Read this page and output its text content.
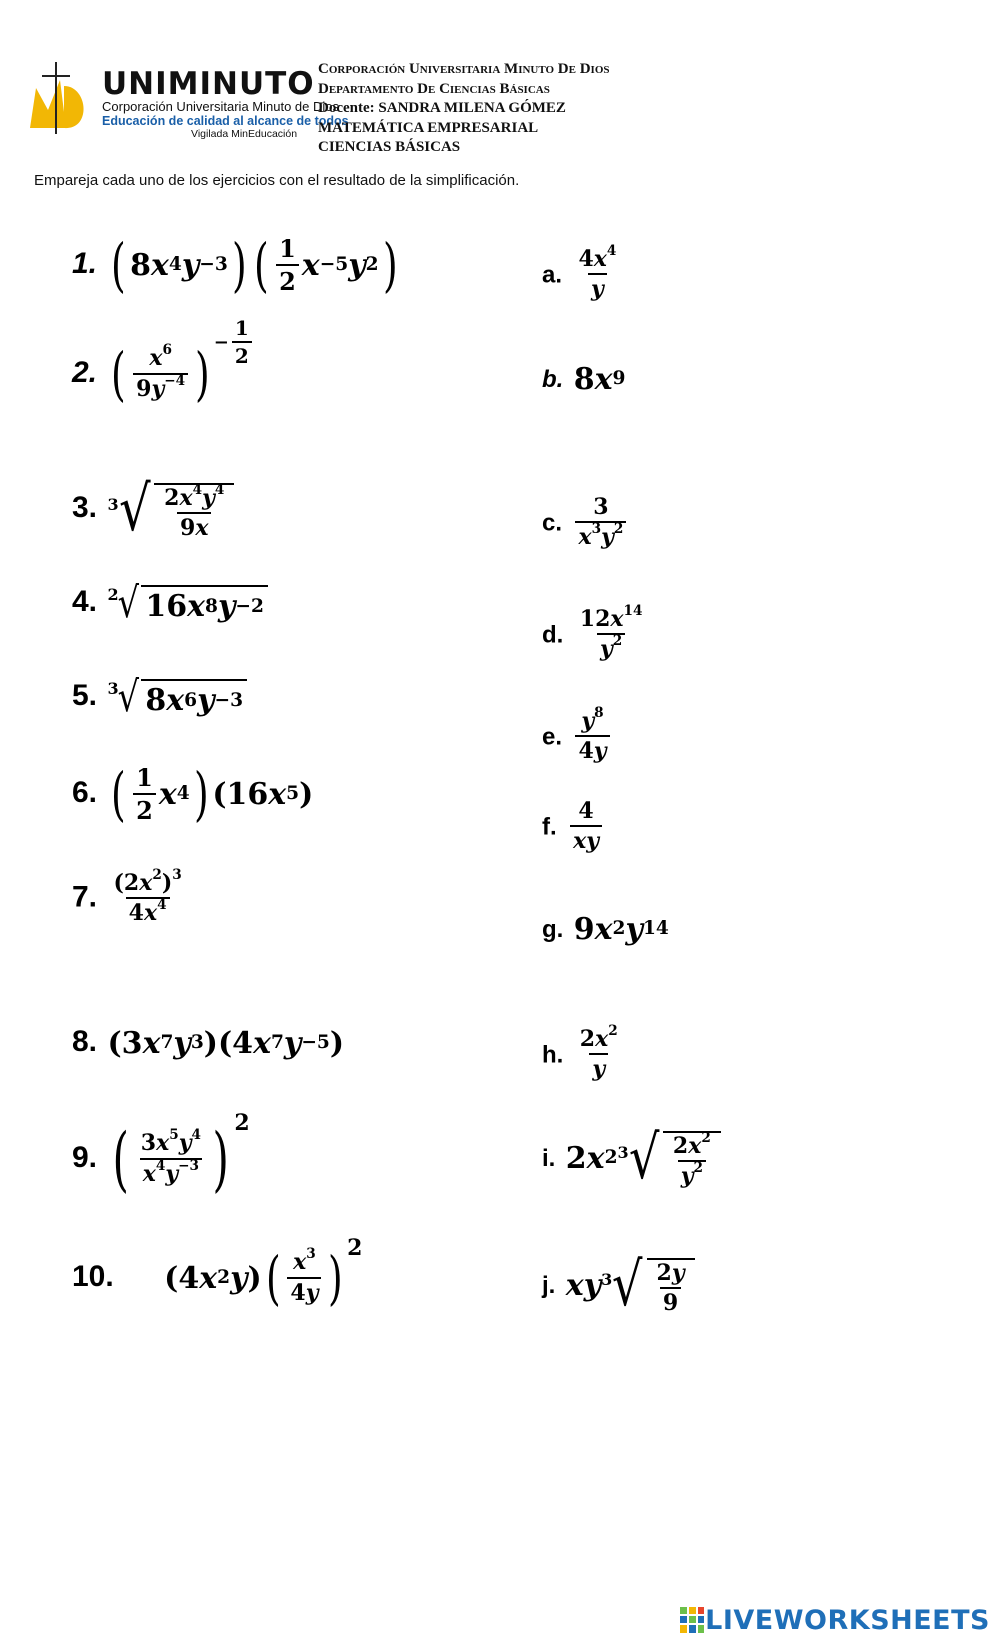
UNIMINUTO
Corporación Universitaria Minuto de Dios
Educación de calidad al alcance de todos
Vigilada MinEducación
Corporación Universitaria Minuto De Dios
Departamento De Ciencias Básicas
Docente: SANDRA MILENA GÓMEZ
MATEMÁTICA EMPRESARIAL
CIENCIAS BÁSICAS
Empareja cada uno de los ejercicios con el resultado de la simplificación.
1. ( 8 x 4 y −3 ) ( $\frac{1}{2}$ x −5 y 2 )
2. ( $\frac{x^6}{9y^{-4}}$ ) − $\frac{1}{2}$
3. 3 √ $\frac{2x^4y^4}{9x}$
4. 2
√ 16 x 8 y −2
5. 3
√ 8 x 6 y −3
6. ( $\frac{1}{2}$ x 4 ) (16 x 5 )
7. $\frac{(2x^2)^3}{4x^4}$
8. (3 x 7 y 3 )(4 x 7 y −5 )
9. ( $\frac{3x^5y^4}{x^4y^{-3}}$ ) 2
10. (4 x 2 y ) ( $\frac{x^3}{4y}$ ) 2
a. $\frac{4x^4}{y}$
b. 8 x 9
c. $\frac{3}{x^3y^2}$
d. $\frac{12x^{14}}{y^2}$
e. $\frac{y^8}{4y}$
f. $\frac{4}{xy}$
g. 9 x 2 y 14
h. $\frac{2x^2}{y}$
i. 2 x 2 3 √ $\frac{2x^2}{y^2}$
j. x y 3 √ $\frac{2y}{9}$
LIVEWORKSHEETS
